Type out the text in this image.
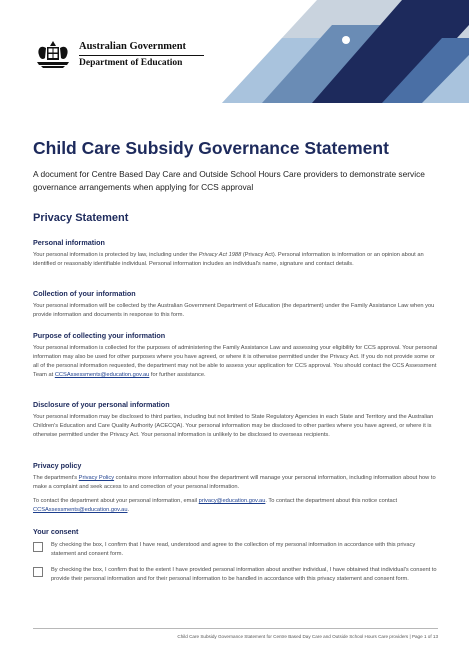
Australian Government
Department of Education
Child Care Subsidy Governance Statement

A document for Centre Based Day Care and Outside School Hours Care providers to demonstrate service governance arrangements when applying for CCS approval

Privacy Statement
Personal information

Your personal information is protected by law, including under the Privacy Act 1988 (Privacy Act). Personal information is information or an opinion about an identified or reasonably identifiable individual. Personal information includes an individual's name, signature and contact details.

Collection of your information

Your personal information will be collected by the Australian Government Department of Education (the department) under the Family Assistance Law when you provide information and documents in response to this form.

Purpose of collecting your information

Your personal information is collected for the purposes of administering the Family Assistance Law and assessing your eligibility for CCS approval. Your personal information may also be used for other purposes where you have agreed, or where it is otherwise permitted under the Privacy Act. If you do not provide some or all of the personal information requested, the department may not be able to assess your application for CCS approval. You should contact the CCS Assessment Team at CCSAssessments@education.gov.au for further assistance.

Disclosure of your personal information

Your personal information may be disclosed to third parties, including but not limited to State Regulatory Agencies in each State and Territory and the Australian Children's Education and Care Quality Authority (ACECQA). Your personal information may be disclosed to other parties where you have agreed, or where it is otherwise permitted under the Privacy Act. Your personal information is unlikely to be disclosed to overseas recipients.

Privacy policy

The department's Privacy Policy contains more information about how the department will manage your personal information, including information about how to make a complaint and seek access to and correction of your personal information.

To contact the department about your personal information, email privacy@education.gov.au. To contact the department about this notice contact CCSAssessments@education.gov.au.

Your consent
By checking the box, I confirm that I have read, understood and agree to the collection of my personal information in accordance with this privacy statement and consent form.
By checking the box, I confirm that to the extent I have provided personal information about another individual, I have obtained that individual's consent to provide their personal information and for their personal information to be handled in accordance with this privacy statement and consent form.
Child Care Subsidy Governance Statement for Centre Based Day Care and Outside School Hours Care providers | Page 1 of 13
